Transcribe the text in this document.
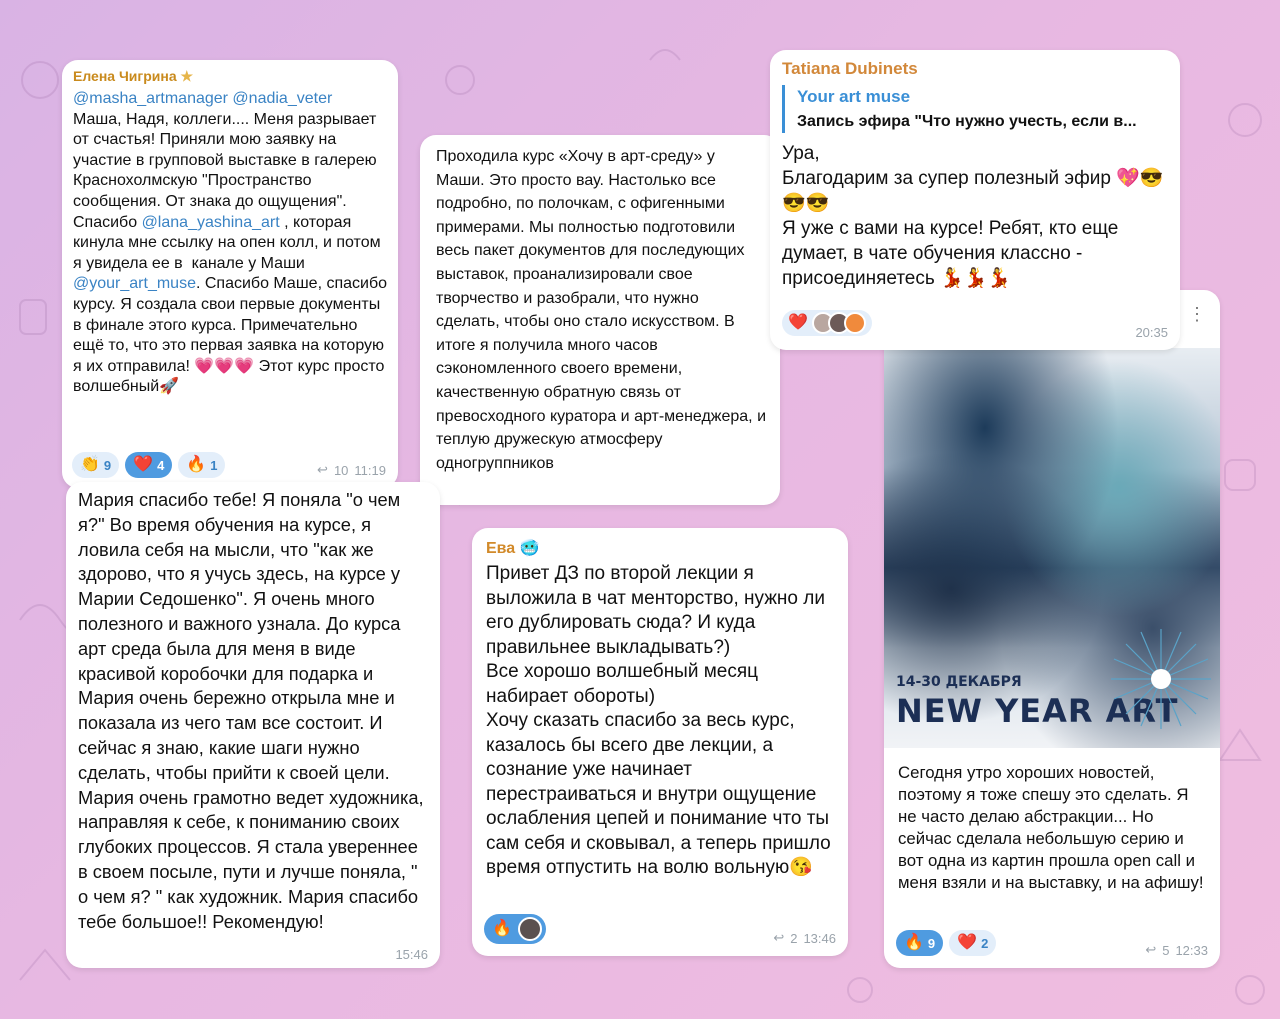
Елена Чигрина ★
@masha_artmanager @nadia_veter
Маша, Надя, коллеги.... Меня разрывает от счастья! Приняли мою заявку на участие в групповой выставке в галерею Краснохолмскую "Пространство сообщения. От знака до ощущения". Спасибо @lana_yashina_art , которая кинула мне ссылку на опен колл, и потом я увидела ее в  канале у Маши @your_art_muse. Спасибо Маше, спасибо курсу. Я создала свои первые документы в финале этого курса. Примечательно ещё то, что это первая заявка на которую я их отправила! 💗💗💗 Этот курс просто волшебный🚀
👏 9 ❤️ 4 🔥 1	↩ 10 11:19
Проходила курс «Хочу в арт-среду» у Маши. Это просто вау. Настолько все подробно, по полочкам, с офигенными примерами. Мы полностью подготовили весь пакет документов для последующих выставок, проанализировали свое творчество и разобрали, что нужно сделать, чтобы оно стало искусством. В итоге я получила много часов сэкономленного своего времени, качественную обратную связь от превосходного куратора и арт-менеджера, и теплую дружескую атмосферу одногруппников
Tatiana Dubinets
Your art muse
Запись эфира "Что нужно учесть, если в...
Ура,
Благодарим за супер полезный эфир 💖😎😎😎
Я уже с вами на курсе! Ребят, кто еще думает, в чате обучения классно - присоединяетесь 💃💃💃
❤️
20:35
Мария спасибо тебе! Я поняла "о чем я?" Во время обучения на курсе, я ловила себя на мысли, что "как же здорово, что я учусь здесь, на курсе у Марии Седошенко". Я очень много полезного и важного узнала. До курса арт среда была для меня в виде красивой коробочки для подарка и Мария очень бережно открыла мне и показала из чего там все состоит. И сейчас я знаю, какие шаги нужно сделать, чтобы прийти к своей цели. Мария очень грамотно ведет художника, направляя к себе, к пониманию своих глубоких процессов. Я стала увереннее в своем посыле, пути и лучше поняла, " о чем я? " как художник. Мария спасибо тебе большое!! Рекомендую!
15:46
Ева 🥶
Привет ДЗ по второй лекции я выложила в чат менторство, нужно ли его дублировать сюда? И куда правильнее выкладывать?)
Все хорошо волшебный месяц набирает обороты)
Хочу сказать спасибо за весь курс, казалось бы всего две лекции, а сознание уже начинает перестраиваться и внутри ощущение ослабления цепей и понимание что ты сам себя и сковывал, а теперь пришло время отпустить на волю вольную😘
🔥
↩ 2 13:46
⋮
14-30 ДЕКАБРЯ
NEW YEAR ART
Сегодня утро хороших новостей, поэтому я тоже спешу это сделать. Я не часто делаю абстракции... Но сейчас сделала небольшую серию и вот одна из картин прошла open call и меня взяли и на выставку, и на афишу!
🔥 9 ❤️ 2	↩ 5 12:33
